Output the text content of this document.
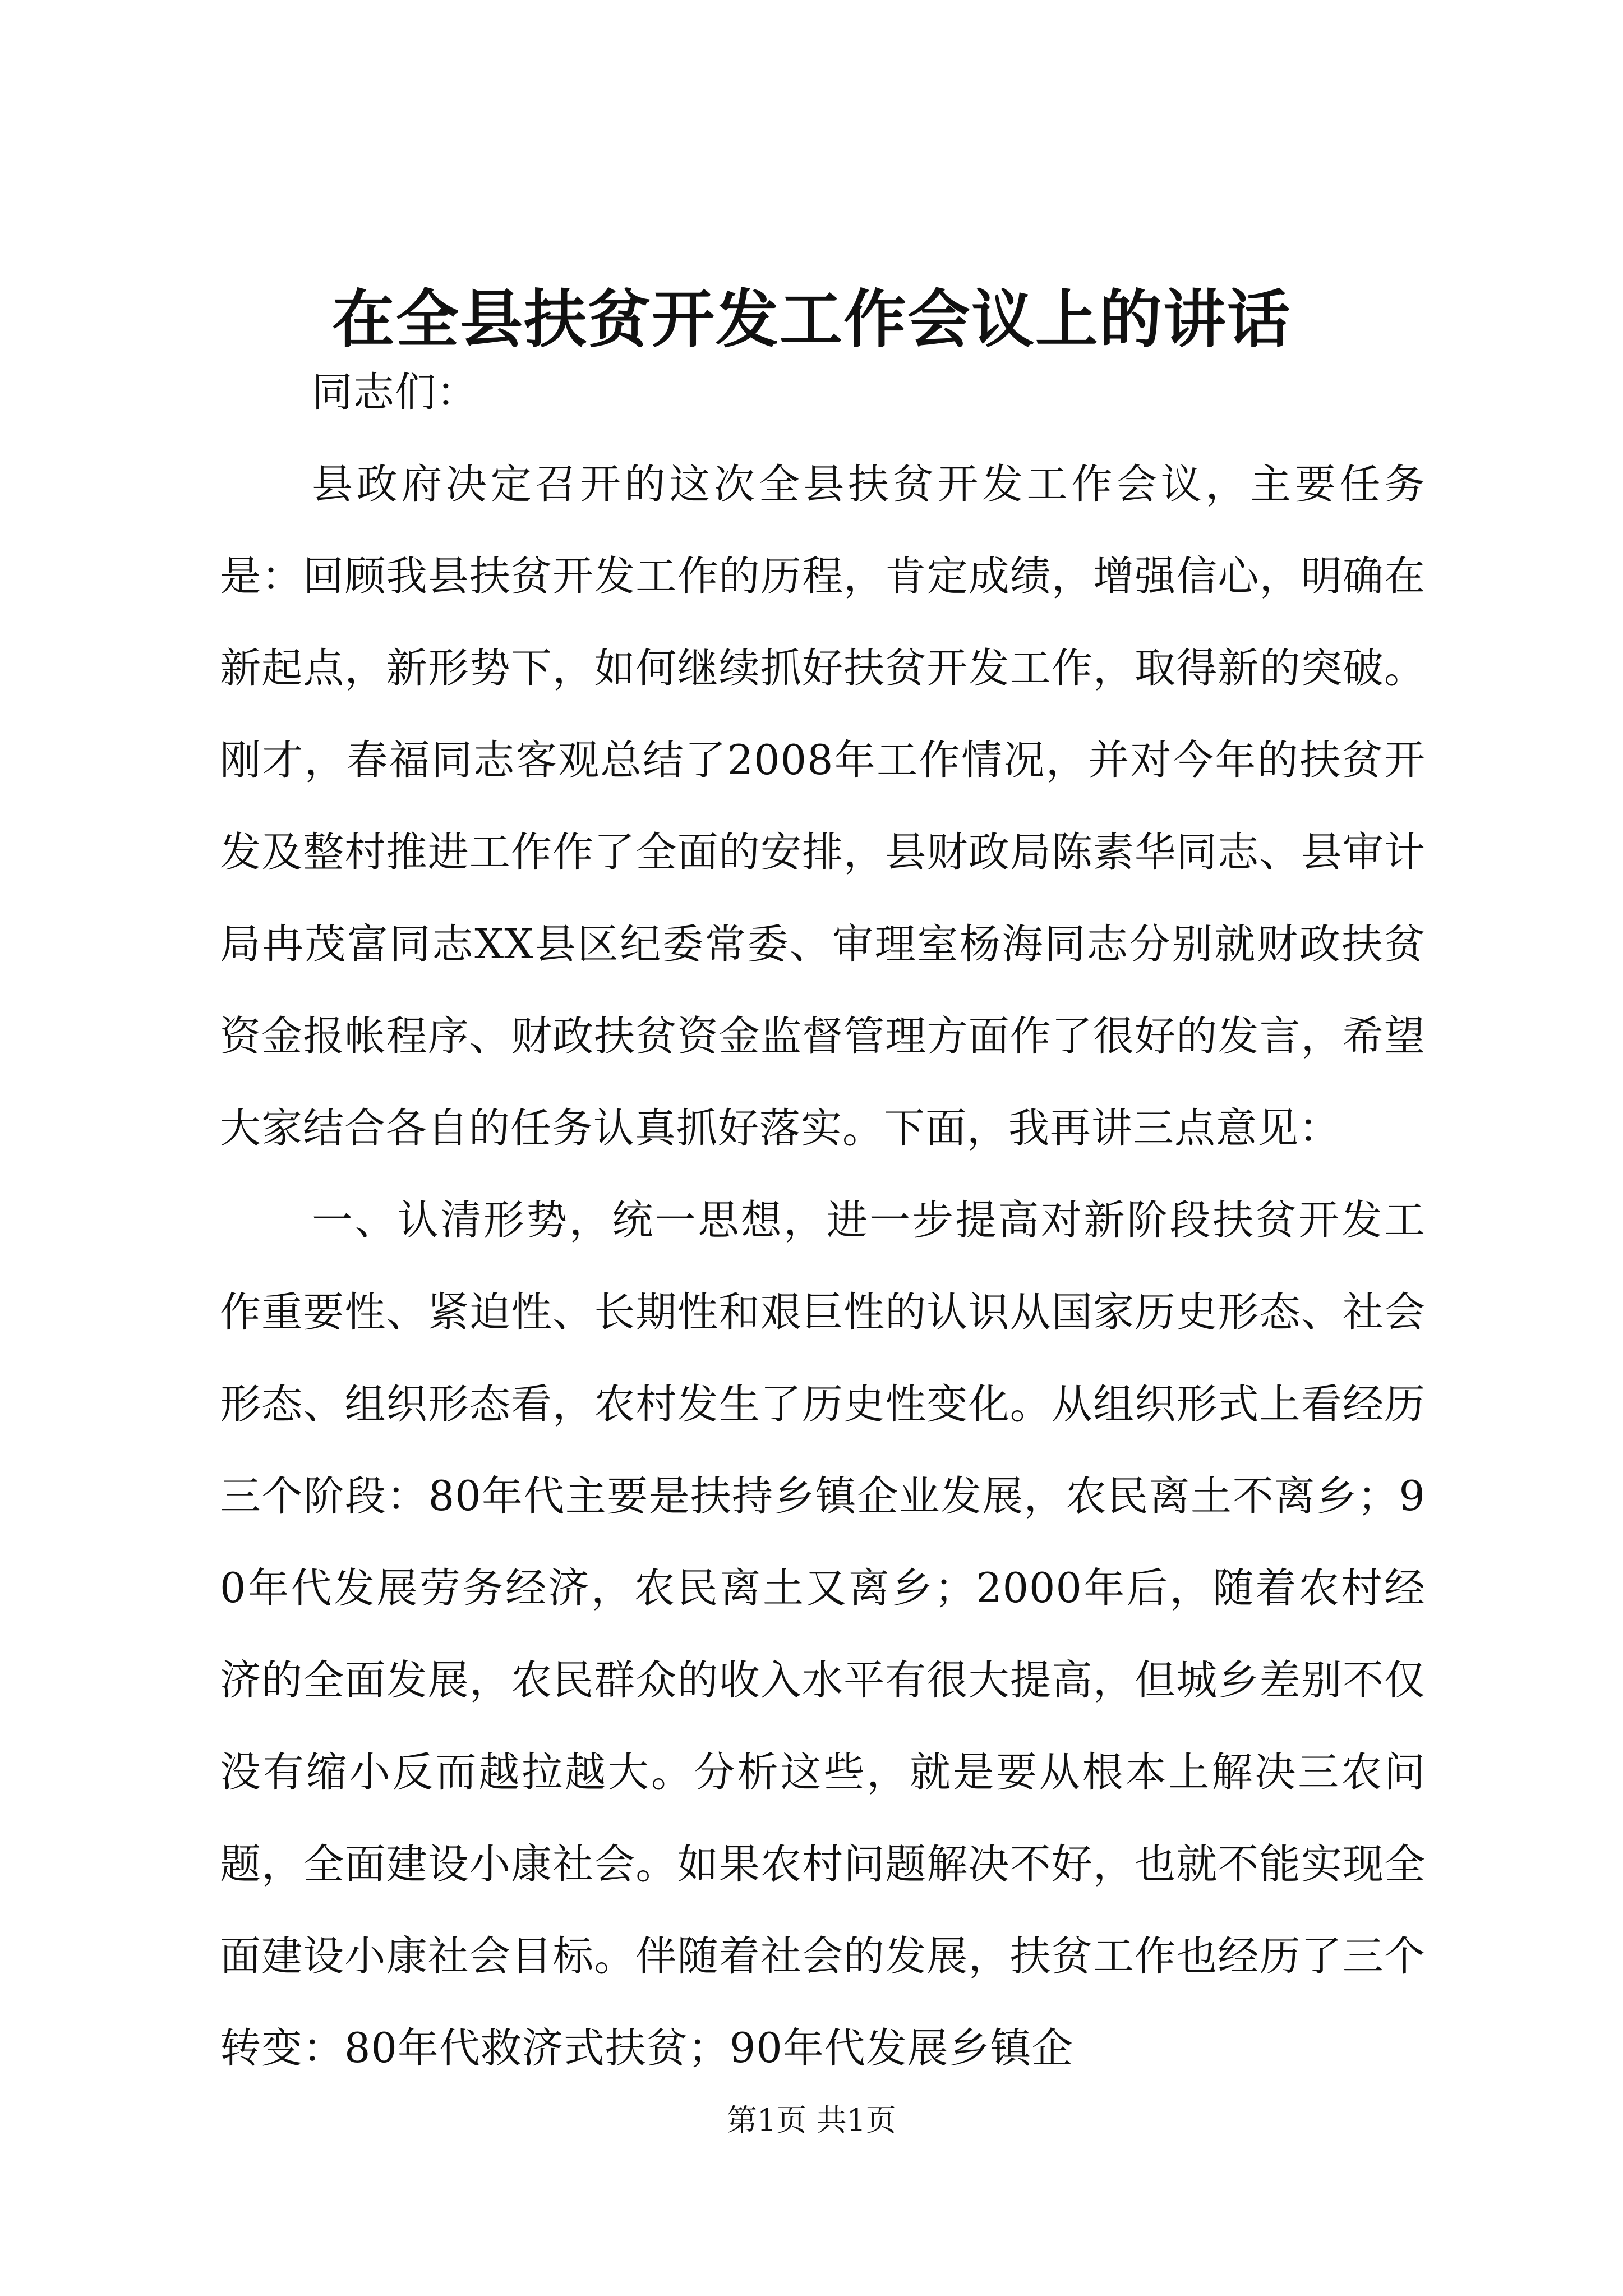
在全县扶贫开发工作会议上的讲话

同志们：

县政府决定召开的这次全县扶贫开发工作会议，主要任务是：回顾我县扶贫开发工作的历程，肯定成绩，增强信心，明确在新起点，新形势下，如何继续抓好扶贫开发工作，取得新的突破。刚才，春福同志客观总结了2008年工作情况，并对今年的扶贫开发及整村推进工作作了全面的安排，县财政局陈素华同志、县审计局冉茂富同志XX县区纪委常委、审理室杨海同志分别就财政扶贫资金报帐程序、财政扶贫资金监督管理方面作了很好的发言，希望大家结合各自的任务认真抓好落实。下面，我再讲三点意见：

一、认清形势，统一思想，进一步提高对新阶段扶贫开发工作重要性、紧迫性、长期性和艰巨性的认识从国家历史形态、社会形态、组织形态看，农村发生了历史性变化。从组织形式上看经历三个阶段：80年代主要是扶持乡镇企业发展，农民离土不离乡；90年代发展劳务经济，农民离土又离乡；2000年后，随着农村经济的全面发展，农民群众的收入水平有很大提高，但城乡差别不仅没有缩小反而越拉越大。分析这些，就是要从根本上解决三农问题，全面建设小康社会。如果农村问题解决不好，也就不能实现全面建设小康社会目标。伴随着社会的发展，扶贫工作也经历了三个转变：80年代救济式扶贫；90年代发展乡镇企

第1页 共1页
